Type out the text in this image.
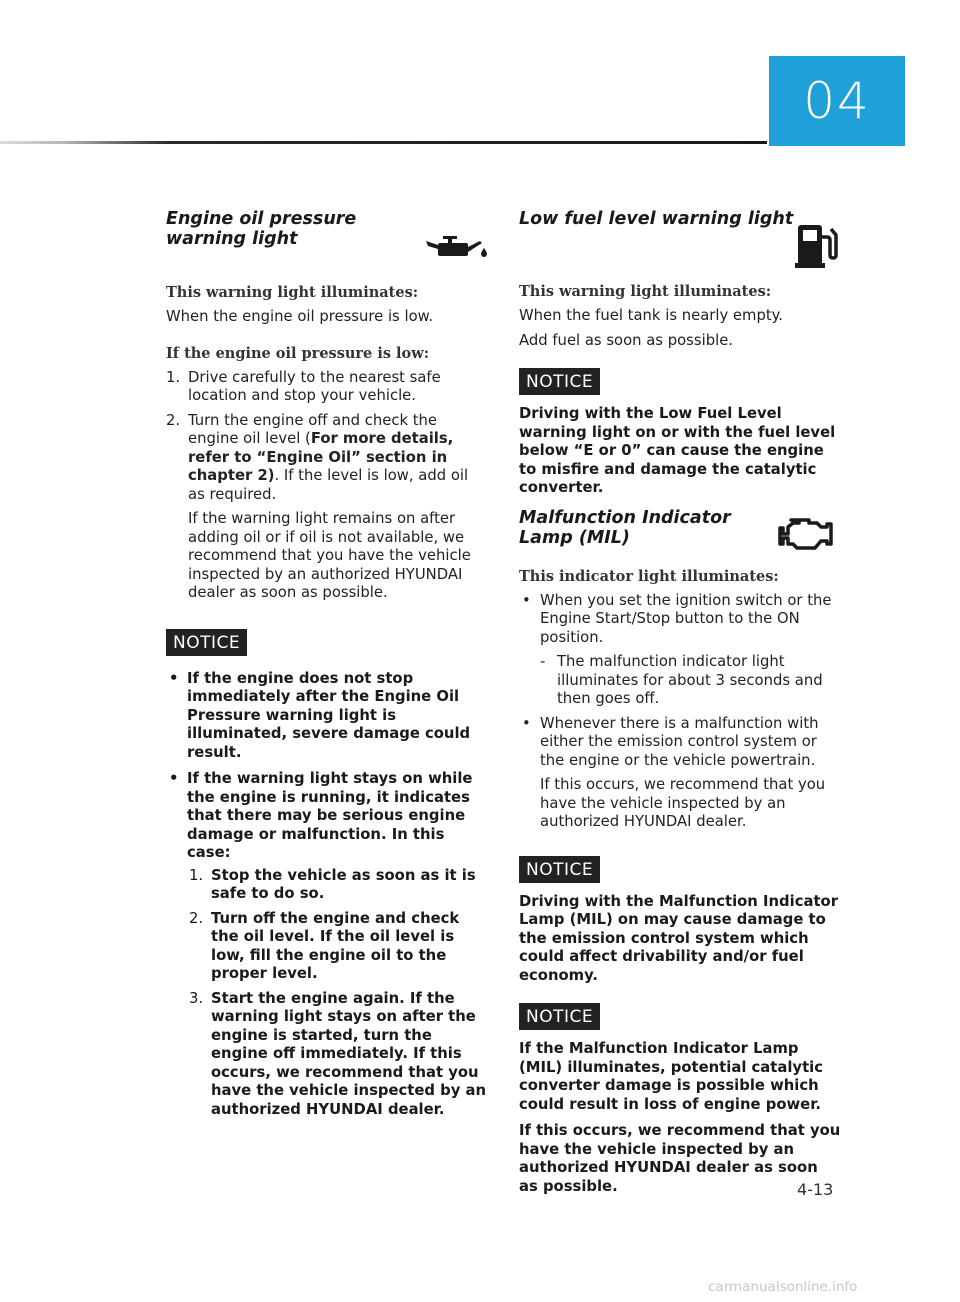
04
Engine oil pressure warning light

This warning light illuminates:

When the engine oil pressure is low.

If the engine oil pressure is low:

1. Drive carefully to the nearest safe location and stop your vehicle.
2. Turn the engine off and check the engine oil level (For more details, refer to “Engine Oil” section in chapter 2). If the level is low, add oil as required.

If the warning light remains on after adding oil or if oil is not available, we recommend that you have the vehicle inspected by an authorized HYUNDAI dealer as soon as possible.

NOTICE
• If the engine does not stop immediately after the Engine Oil Pressure warning light is illuminated, severe damage could result.
• If the warning light stays on while the engine is running, it indicates that there may be serious engine damage or malfunction. In this case:
1. Stop the vehicle as soon as it is safe to do so.
2. Turn off the engine and check the oil level. If the oil level is low, fill the engine oil to the proper level.
3. Start the engine again. If the warning light stays on after the engine is started, turn the engine off immediately. If this occurs, we recommend that you have the vehicle inspected by an authorized HYUNDAI dealer.
Low fuel level warning light

This warning light illuminates:

When the fuel tank is nearly empty.

Add fuel as soon as possible.

NOTICE

Driving with the Low Fuel Level warning light on or with the fuel level below “E or 0” can cause the engine to misfire and damage the catalytic converter.

Malfunction Indicator Lamp (MIL)

This indicator light illuminates:

• When you set the ignition switch or the Engine Start/Stop button to the ON position.
- The malfunction indicator light illuminates for about 3 seconds and then goes off.
• Whenever there is a malfunction with either the emission control system or the engine or the vehicle powertrain.

If this occurs, we recommend that you have the vehicle inspected by an authorized HYUNDAI dealer.

NOTICE

Driving with the Malfunction Indicator Lamp (MIL) on may cause damage to the emission control system which could affect drivability and/or fuel economy.

NOTICE

If the Malfunction Indicator Lamp (MIL) illuminates, potential catalytic converter damage is possible which could result in loss of engine power.

If this occurs, we recommend that you have the vehicle inspected by an authorized HYUNDAI dealer as soon as possible.	4-13
carmanualsonline.info
